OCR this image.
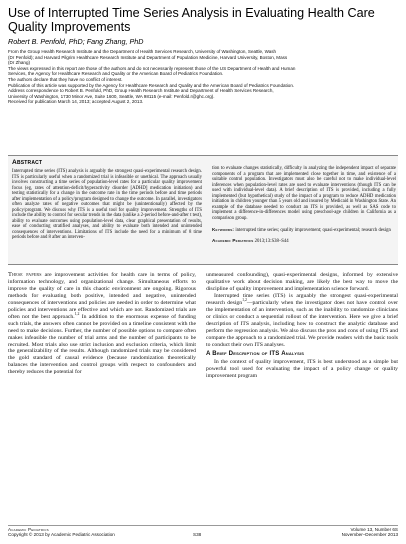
Use of Interrupted Time Series Analysis in Evaluating Health Care Quality Improvements
Robert B. Penfold, PhD; Fang Zhang, PhD

From the Group Health Research Institute and the Department of Health Services Research, University of Washington, Seattle, Wash

(Dr Penfold); and Harvard Pilgrim Healthcare Research Institute and Department of Population Medicine, Harvard University, Boston, Mass

(Dr Zhang)

The views expressed in this report are those of the authors and do not necessarily represent those of the US Department of Health and Human

Services, the Agency for Healthcare Research and Quality or the American Board of Pediatrics Foundation.

The authors declare that they have no conflict of interest.

Publication of this article was supported by the Agency for Healthcare Research and Quality and the American Board of Pediatrics Foundation.

Address correspondence to Robert B. Penfold, PhD, Group Health Research Institute and Department of Health Services Research,

University of Washington, 1730 Minor Ave, Suite 1600, Seattle, WA 98115 (e-mail: Penfold.r@ghc.org).

Received for publication March 14, 2013; accepted August 2, 2013.

Abstract

Interrupted time series (ITS) analysis is arguably the strongest quasi-experimental research design. ITS is particularly useful when a randomized trial is infeasible or unethical. The approach usually involves constructing a time series of population-level rates for a particular quality improvement focus (eg, rates of attention-deficit/hyperactivity disorder [ADHD] medication initiation) and testing statistically for a change in the outcome rate in the time periods before and time periods after implementation of a policy/program designed to change the outcome. In parallel, investigators often analyze rates of negative outcomes that might be (unintentionally) affected by the policy/program. We discuss why ITS is a useful tool for quality improvement. Strengths of ITS include the ability to control for secular trends in the data (unlike a 2-period before-and-after t test), ability to evaluate outcomes using population-level data, clear graphical presentation of results, ease of conducting stratified analyses, and ability to evaluate both intended and unintended consequences of interventions. Limitations of ITS include the need for a minimum of 8 time periods before and 8 after an interven-

tion to evaluate changes statistically, difficulty in analyzing the independent impact of separate components of a program that are implemented close together in time, and existence of a suitable control population. Investigators must also be careful not to make individual-level inferences when population-level rates are used to evaluate interventions (though ITS can be used with individual-level data). A brief description of ITS is provided, including a fully implemented (but hypothetical) study of the impact of a program to reduce ADHD medication initiation in children younger than 5 years old and insured by Medicaid in Washington State. An example of the database needed to conduct an ITS is provided, as well as SAS code to implement a difference-in-differences model using preschool-age children in California as a comparison group.

Keywords: interrupted time series; quality improvement; quasi-experimental; research design

Academic Pediatrics 2013;13:S38–S44

These papers are improvement activities for health care in terms of policy, information technology, and organizational change. Simultaneous efforts to improve the quality of care in this chaotic environment are ongoing. Rigorous methods for evaluating both positive, intended and negative, unintended consequences of interventions and policies are needed in order to determine what policies and interventions are effective and which are not. Randomized trials are often not the best approach.$^{1,2}$ In addition to the enormous expense of funding such trials, the answers often cannot be provided on a timeline consistent with the need to make decisions. Further, the number of possible options to compare often makes infeasible the number of trial arms and the number of participants to be recruited. Most trials also use strict inclusion and exclusion criteria, which limit the generalizability of the results. Although randomized trials may be considered the gold standard of causal evidence (because randomization theoretically balances the intervention and control groups with respect to confounders and thereby reduces the potential for

unmeasured confounding), quasi-experimental designs, informed by extensive qualitative work about decision making, are likely the best way to move the discipline of quality improvement and implementation science forward.

Interrupted time series (ITS) is arguably the strongest quasi-experimental research design$^{1,2}$—particularly when the investigator does not have control over the implementation of an intervention, such as the inability to randomize clinicians or clinics or conduct a sequential rollout of the intervention. Here we give a brief description of ITS analysis, including how to construct the analytic database and perform the regression analysis. We also discuss the pros and cons of using ITS and compare the approach to a randomized trial. We provide readers with the basic tools to conduct their own ITS analyses.

A Brief Description of ITS Analysis

In the context of quality improvement, ITS is best understood as a simple but powerful tool used for evaluating the impact of a policy change or quality improvement program

Academic Pediatrics
Copyright © 2013 by Academic Pediatric Association	S38
Volume 13, Number 6S
November–December 2013
